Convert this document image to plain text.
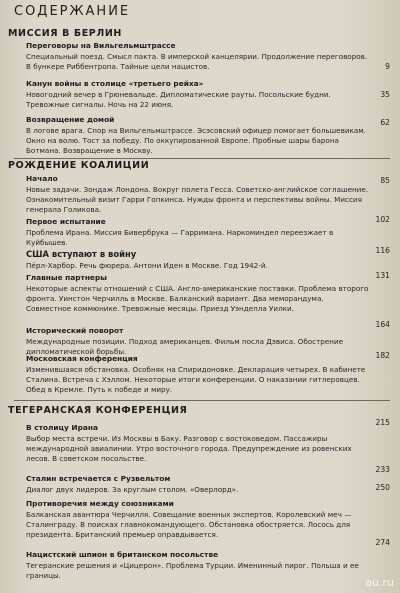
СОДЕРЖАНИЕ
МИССИЯ В БЕРЛИН
Переговоры на Вильгельмштрассе
Специальный поезд. Смысл пакта. В имперской канцелярии. Продолжение переговоров. В бункере Риббентропа. Тайные цели нацистов.	9
Канун войны в столице «третьего рейха»
Новогодний вечер в Грюневальде. Дипломатические рауты. Посольские будни. Тревожные сигналы. Ночь на 22 июня.
35
Возвращение домой
В логове врага. Спор на Вильгельмштрассе. Эсэсовский офицер помогает большевикам. Окно на волю. Тост за победу. По оккупированной Европе. Пробные шары барона Ботмана. Возвращение в Москву.
62
РОЖДЕНИЕ КОАЛИЦИИ
Начало
Новые задачи. Зондаж Лондона. Вокруг полета Гесса. Советско-английское соглашение. Ознакомительный визит Гарри Гопкинса. Нужды фронта и перспективы войны. Миссия генерала Голикова.
85
Первое испытание
Проблема Ирана. Миссия Бивербрука — Гарримана. Наркоминдел переезжает в Куйбышев.
102
США вступают в войну
Пёрл-Харбор. Речь фюрера. Антони Иден в Москве. Год 1942-й.
116
Главные партнеры
Некоторые аспекты отношений с США. Англо-американские поставки. Проблема второго фронта. Уинстон Черчилль в Москве. Балканский вариант. Два меморандума. Совместное коммюнике. Тревожные месяцы. Приезд Уэнделла Уилки.
131
Исторический поворот
Международные позиции. Подход американцев. Фильм посла Дэвиса. Обострение дипломатической борьбы.
164
Московская конференция
Изменившаяся обстановка. Особняк на Спиридоновке. Декларация четырех. В кабинете Сталина. Встреча с Хэллом. Некоторые итоги конференции. О наказании гитлеровцев. Обед в Кремле. Путь к победе и миру.
182
ТЕГЕРАНСКАЯ КОНФЕРЕНЦИЯ
В столицу Ирана
Выбор места встречи. Из Москвы в Баку. Разговор с востоковедом. Пассажиры международной авиалинии. Утро восточного города. Предупреждение из ровенских лесов. В советском посольстве.
215
Сталин встречается с Рузвельтом
Диалог двух лидеров. За круглым столом. «Оверлорд».
233
Противоречия между союзниками
Балканская авантюра Черчилля. Совещание военных экспертов. Королевский меч — Сталинграду. В поисках главнокомандующего. Обстановка обостряется. Лосось для президента. Британский премьер оправдывается.
250
Нацистский шпион в британском посольстве
Тегеранские решения и «Цицерон». Проблема Турции. Именинный пирог. Польша и ее границы.
274
au.ru
